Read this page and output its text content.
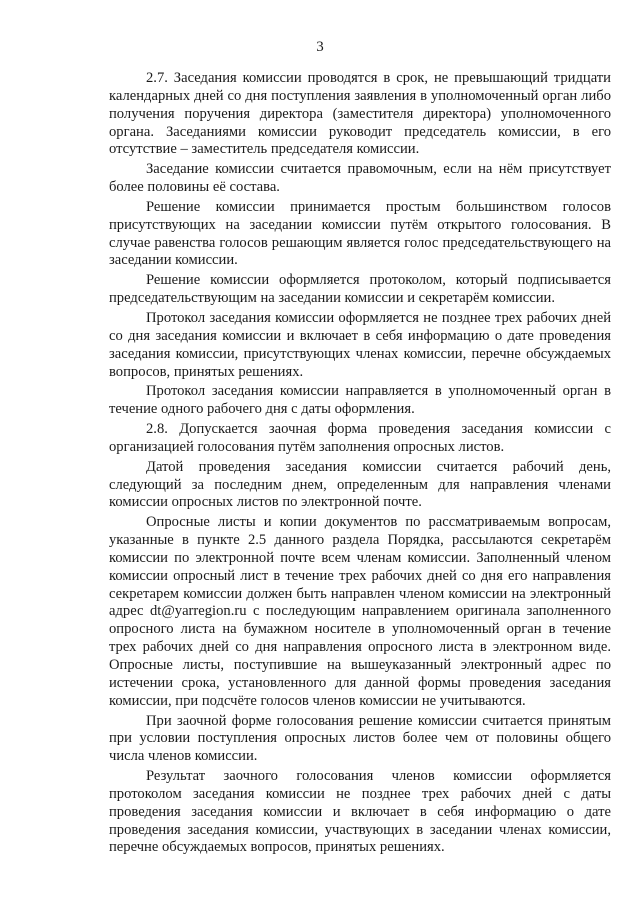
3

2.7. Заседания комиссии проводятся в срок, не превышающий тридцати календарных дней со дня поступления заявления в уполномоченный орган либо получения поручения директора (заместителя директора) уполномоченного органа. Заседаниями комиссии руководит председатель комиссии, в его отсутствие – заместитель председателя комиссии.

Заседание комиссии считается правомочным, если на нём присутствует более половины её состава.

Решение комиссии принимается простым большинством голосов присутствующих на заседании комиссии путём открытого голосования. В случае равенства голосов решающим является голос председательствующего на заседании комиссии.

Решение комиссии оформляется протоколом, который подписывается председательствующим на заседании комиссии и секретарём комиссии.

Протокол заседания комиссии оформляется не позднее трех рабочих дней со дня заседания комиссии и включает в себя информацию о дате проведения заседания комиссии, присутствующих членах комиссии, перечне обсуждаемых вопросов, принятых решениях.

Протокол заседания комиссии направляется в уполномоченный орган в течение одного рабочего дня с даты оформления.

2.8. Допускается заочная форма проведения заседания комиссии с организацией голосования путём заполнения опросных листов.

Датой проведения заседания комиссии считается рабочий день, следующий за последним днем, определенным для направления членами комиссии опросных листов по электронной почте.

Опросные листы и копии документов по рассматриваемым вопросам, указанные в пункте 2.5 данного раздела Порядка, рассылаются секретарём комиссии по электронной почте всем членам комиссии. Заполненный членом комиссии опросный лист в течение трех рабочих дней со дня его направления секретарем комиссии должен быть направлен членом комиссии на электронный адрес dt@yarregion.ru с последующим направлением оригинала заполненного опросного листа на бумажном носителе в уполномоченный орган в течение трех рабочих дней со дня направления опросного листа в электронном виде. Опросные листы, поступившие на вышеуказанный электронный адрес по истечении срока, установленного для данной формы проведения заседания комиссии, при подсчёте голосов членов комиссии не учитываются.

При заочной форме голосования решение комиссии считается принятым при условии поступления опросных листов более чем от половины общего числа членов комиссии.

Результат заочного голосования членов комиссии оформляется протоколом заседания комиссии не позднее трех рабочих дней с даты проведения заседания комиссии и включает в себя информацию о дате проведения заседания комиссии, участвующих в заседании членах комиссии, перечне обсуждаемых вопросов, принятых решениях.
